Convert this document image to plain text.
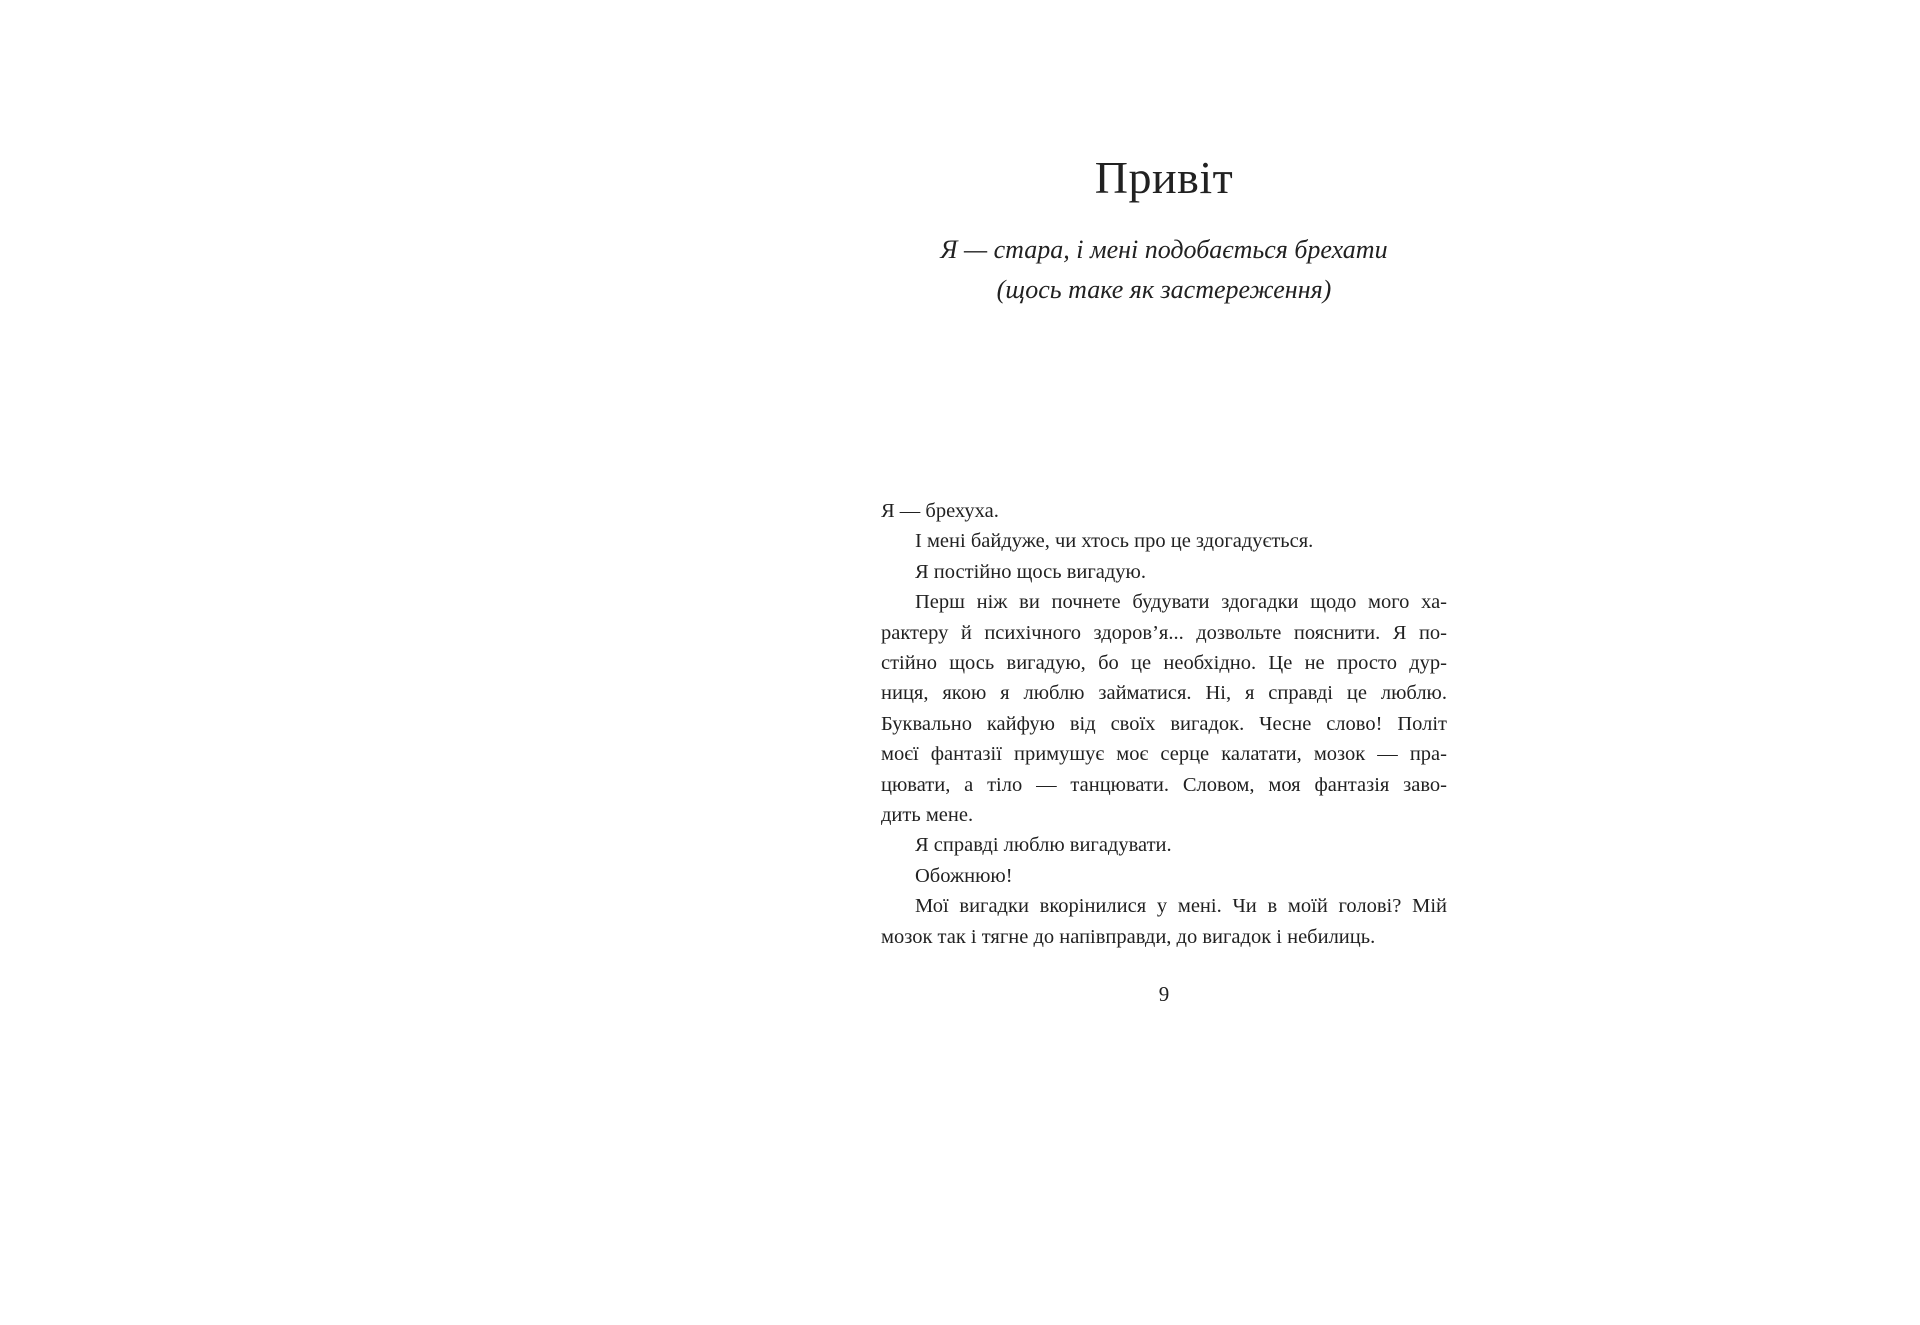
Привіт
Я — стара, і мені подобається брехати
(щось таке як застереження)
Я — брехуха.
І мені байдуже, чи хтось про це здогадується.
Я постійно щось вигадую.
Перш ніж ви почнете будувати здогадки щодо мого ха-
рактеру й психічного здоров’я... дозвольте пояснити. Я по-
стійно щось вигадую, бо це необхідно. Це не просто дур-
ниця, якою я люблю займатися. Ні, я справді це люблю.
Буквально кайфую від своїх вигадок. Чесне слово! Політ
моєї фантазії примушує моє серце калатати, мозок — пра-
цювати, а тіло — танцювати. Словом, моя фантазія заво-
дить мене.
Я справді люблю вигадувати.
Обожнюю!
Мої вигадки вкорінилися у мені. Чи в моїй голові? Мій
мозок так і тягне до напівправди, до вигадок і небилиць.
9
